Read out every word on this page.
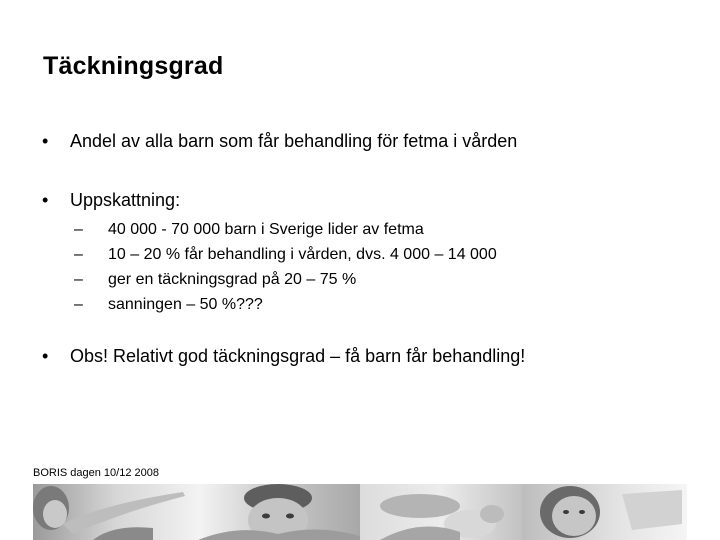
Täckningsgrad
• Andel av alla barn som får behandling för fetma i vården
• Uppskattning:
– 40 000 - 70 000 barn i Sverige lider av fetma
– 10 – 20 % får behandling i vården, dvs. 4 000 – 14 000
– ger en täckningsgrad på 20 – 75 %
– sanningen – 50 %???
• Obs! Relativt god täckningsgrad – få barn får behandling!
BORIS dagen 10/12 2008
